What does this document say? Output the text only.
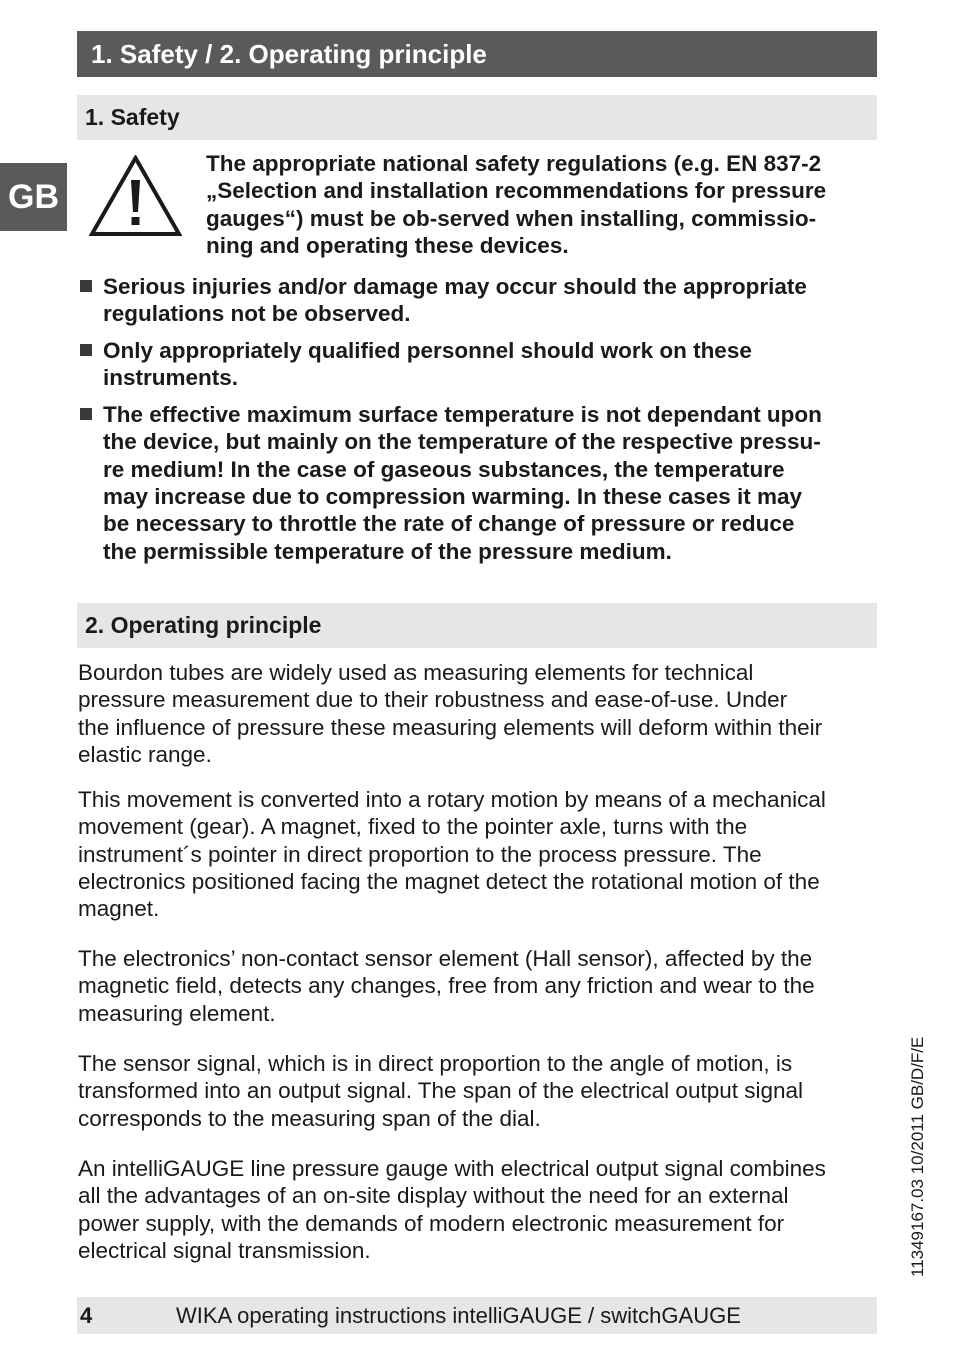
1. Safety / 2. Operating principle
GB
1. Safety
The appropriate national safety regulations (e.g. EN 837-2
„Selection and installation recommendations for pressure
gauges“) must be ob-served when installing, commissio-
ning and operating these devices.
Serious injuries and/or damage may occur should the appropriate
regulations not be observed.
Only appropriately qualified personnel should work on these
instruments.
The effective maximum surface temperature is not dependant upon
the device, but mainly on the temperature of the respective pressu-
re medium! In the case of gaseous substances, the temperature
may increase due to compression warming. In these cases it may
be necessary to throttle the rate of change of pressure or reduce
the permissible temperature of the pressure medium.
2. Operating principle
Bourdon tubes are widely used as measuring elements for technical
pressure measurement due to their robustness and ease-of-use. Under
the influence of pressure these measuring elements will deform within their
elastic range.
This movement is converted into a rotary motion by means of a mechanical
movement (gear). A magnet, fixed to the pointer axle, turns with the
instrument´s pointer in direct proportion to the process pressure. The
electronics positioned facing the magnet detect the rotational motion of the
magnet.
The electronics’ non-contact sensor element (Hall sensor), affected by the
magnetic field, detects any changes, free from any friction and wear to the
measuring element.
The sensor signal, which is in direct proportion to the angle of motion, is
transformed into an output signal. The span of the electrical output signal
corresponds to the measuring span of the dial.
An intelliGAUGE line pressure gauge with electrical output signal combines
all the advantages of an on-site display without the need for an external
power supply, with the demands of modern electronic measurement for
electrical signal transmission.	11349167.03 10/2011 GB/D/F/E
4	WIKA operating instructions intelliGAUGE / switchGAUGE
